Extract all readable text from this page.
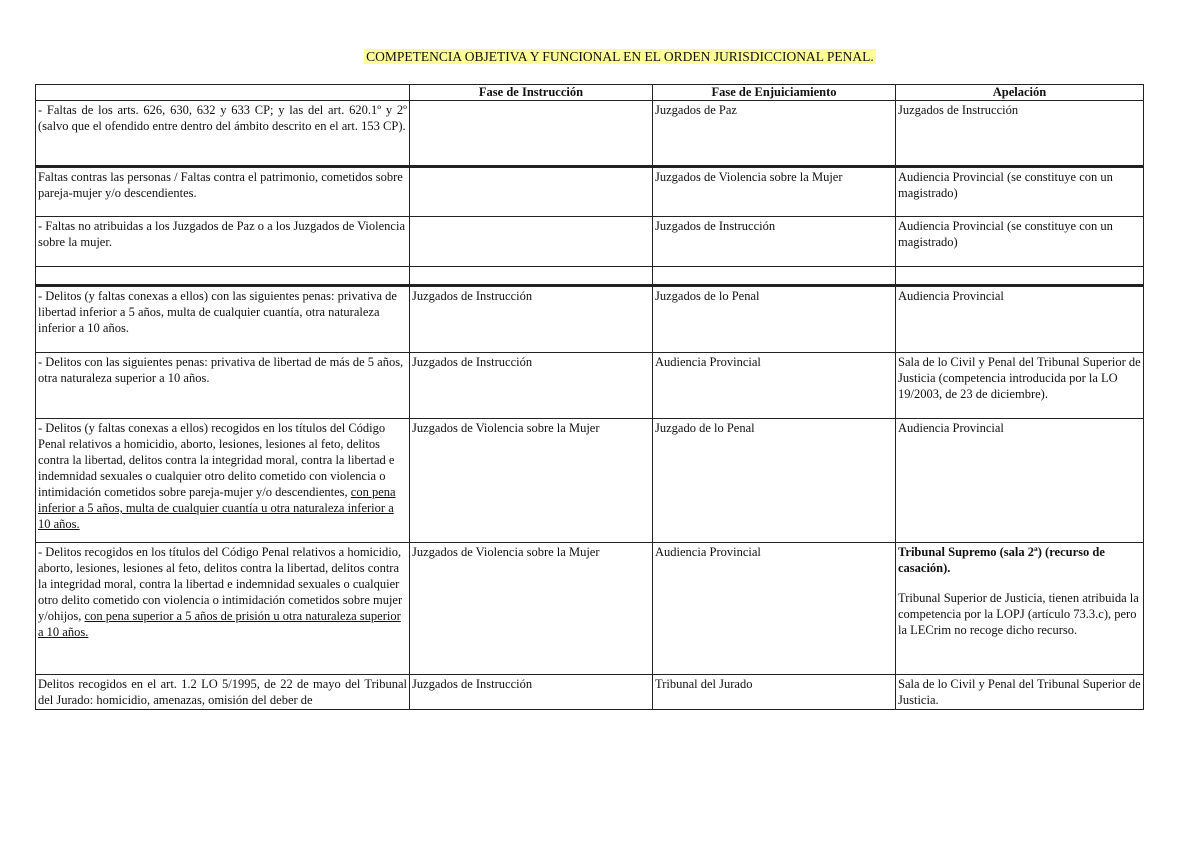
COMPETENCIA OBJETIVA Y FUNCIONAL EN EL ORDEN JURISDICCIONAL PENAL.
	Fase de Instrucción	Fase de Enjuiciamiento	Apelación
- Faltas de los arts. 626, 630, 632 y 633 CP; y las del art. 620.1º y 2º (salvo que el ofendido entre dentro del ámbito descrito en el art. 153 CP).		Juzgados de Paz	Juzgados de Instrucción
Faltas contras las personas / Faltas contra el patrimonio, cometidos sobre pareja-mujer y/o descendientes.		Juzgados de Violencia sobre la Mujer	Audiencia Provincial (se constituye con un magistrado)
- Faltas no atribuidas a los Juzgados de Paz o a los Juzgados de Violencia sobre la mujer.		Juzgados de Instrucción	Audiencia Provincial (se constituye con un magistrado)

- Delitos (y faltas conexas a ellos) con las siguientes penas: privativa de libertad inferior a 5 años, multa de cualquier cuantía, otra naturaleza inferior a 10 años.	Juzgados de Instrucción	Juzgados de lo Penal	Audiencia Provincial
- Delitos con las siguientes penas: privativa de libertad de más de 5 años, otra naturaleza superior a 10 años.	Juzgados de Instrucción	Audiencia Provincial	Sala de lo Civil y Penal del Tribunal Superior de Justicia (competencia introducida por la LO 19/2003, de 23 de diciembre).
- Delitos (y faltas conexas a ellos) recogidos en los títulos del Código Penal relativos a homicidio, aborto, lesiones, lesiones al feto, delitos contra la libertad, delitos contra la integridad moral, contra la libertad e indemnidad sexuales o cualquier otro delito cometido con violencia o intimidación cometidos sobre pareja-mujer y/o descendientes, con pena inferior a 5 años, multa de cualquier cuantía u otra naturaleza inferior a 10 años.	Juzgados de Violencia sobre la Mujer	Juzgado de lo Penal	Audiencia Provincial
- Delitos recogidos en los títulos del Código Penal relativos a homicidio, aborto, lesiones, lesiones al feto, delitos contra la libertad, delitos contra la integridad moral, contra la libertad e indemnidad sexuales o cualquier otro delito cometido con violencia o intimidación cometidos sobre mujer y/ohijos, con pena superior a 5 años de prisión u otra naturaleza superior a 10 años.	Juzgados de Violencia sobre la Mujer	Audiencia Provincial	Tribunal Supremo (sala 2ª) (recurso de casación).
Tribunal Superior de Justicia, tienen atribuida la competencia por la LOPJ (artículo 73.3.c), pero la LECrim no recoge dicho recurso.
Delitos recogidos en el art. 1.2 LO 5/1995, de 22 de mayo del Tribunal del Jurado: homicidio, amenazas, omisión del deber de	Juzgados de Instrucción	Tribunal del Jurado	Sala de lo Civil y Penal del Tribunal Superior de Justicia.
